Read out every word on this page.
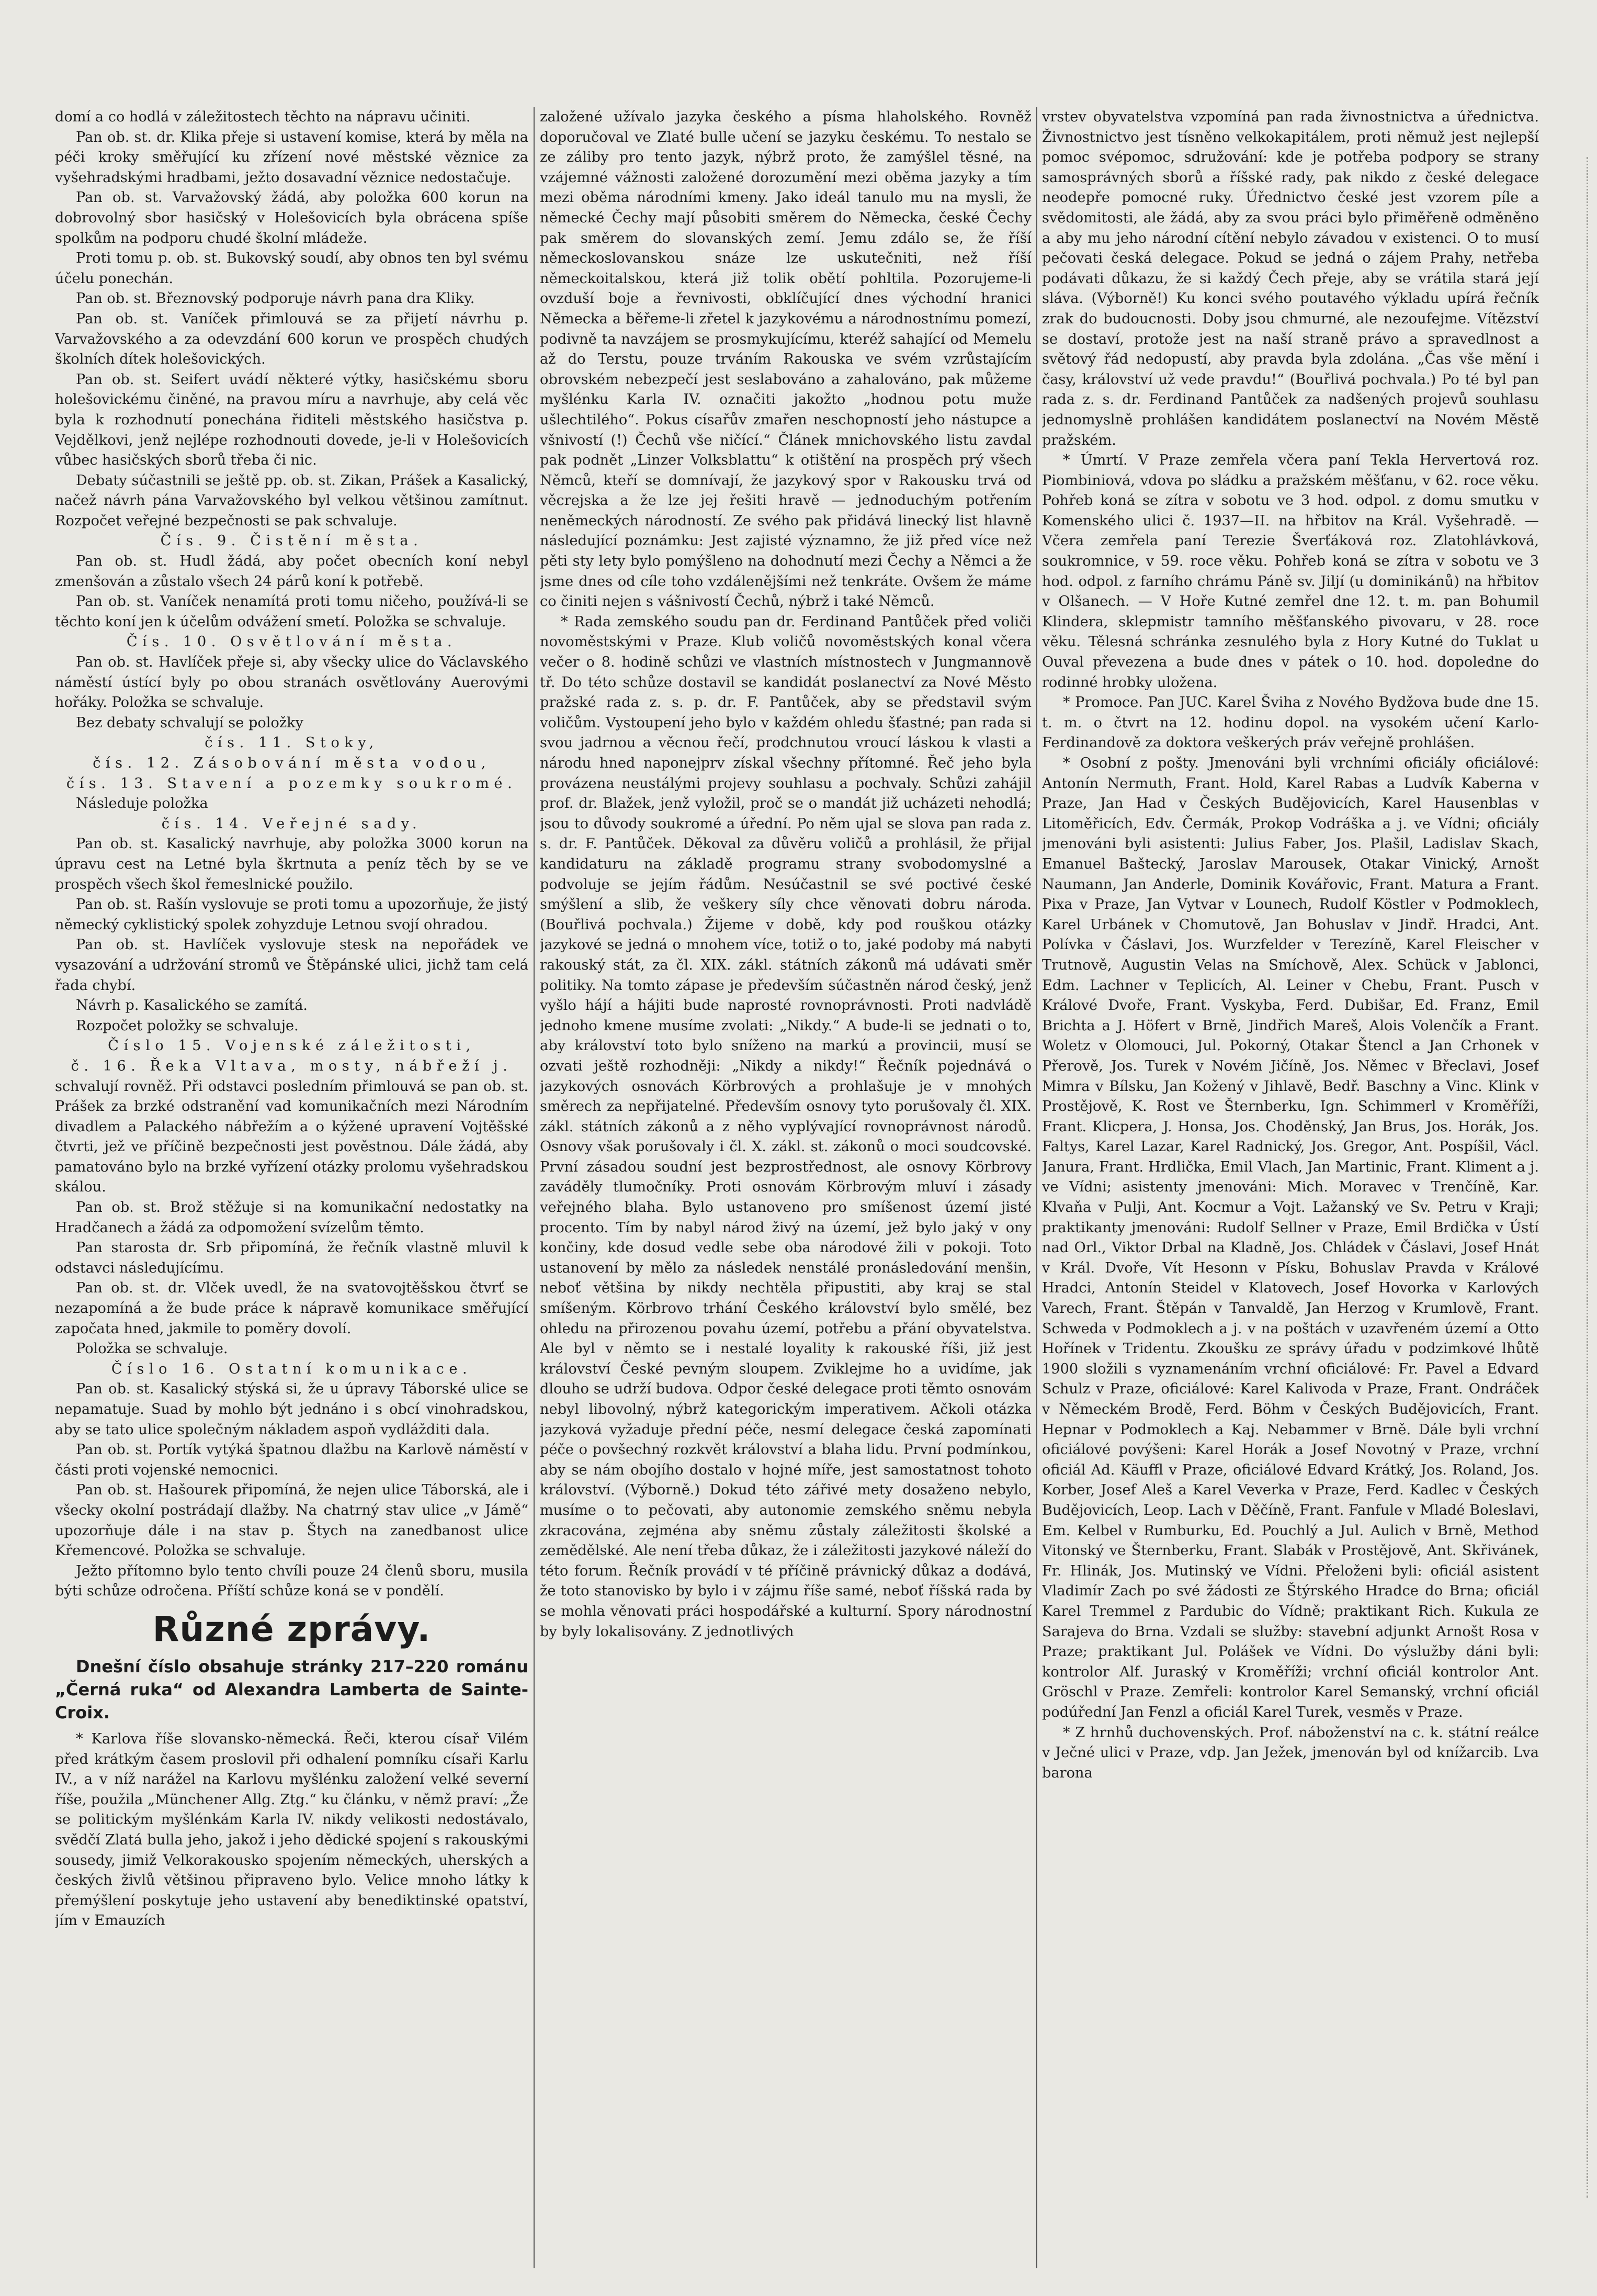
domí a co hodlá v záležitostech těchto na nápravu učiniti.

Pan ob. st. dr. Klika přeje si ustavení komise, která by měla na péči kroky směřující ku zřízení nové městské věznice za vyšehradskými hradbami, ježto dosavadní věznice nedostačuje.

Pan ob. st. Varvažovský žádá, aby položka 600 korun na dobrovolný sbor hasičský v Holešovicích byla obrácena spíše spolkům na podporu chudé školní mládeže.

Proti tomu p. ob. st. Bukovský soudí, aby obnos ten byl svému účelu ponechán.

Pan ob. st. Březnovský podporuje návrh pana dra Kliky.

Pan ob. st. Vaníček přimlouvá se za přijetí návrhu p. Varvažovského a za odevzdání 600 korun ve prospěch chudých školních dítek holešovických.

Pan ob. st. Seifert uvádí některé výtky, hasičskému sboru holešovickému činěné, na pravou míru a navrhuje, aby celá věc byla k rozhodnutí ponechána řiditeli městského hasičstva p. Vejdělkovi, jenž nejlépe rozhodnouti dovede, je-li v Holešovicích vůbec hasičských sborů třeba či nic.

Debaty súčastnili se ještě pp. ob. st. Zikan, Prášek a Kasalický, načež návrh pána Varvažovského byl velkou většinou zamítnut. Rozpočet veřejné bezpečnosti se pak schvaluje.

Čís. 9. Čistění města.

Pan ob. st. Hudl žádá, aby počet obecních koní nebyl zmenšován a zůstalo všech 24 párů koní k potřebě.

Pan ob. st. Vaníček nenamítá proti tomu ničeho, používá-li se těchto koní jen k účelům odvážení smetí. Položka se schvaluje.

Čís. 10. Osvětlování města.

Pan ob. st. Havlíček přeje si, aby všecky ulice do Václavského náměstí ústící byly po obou stranách osvětlovány Auerovými hořáky. Položka se schvaluje.

Bez debaty schvalují se položky

čís. 11. Stoky,

čís. 12. Zásobování města vodou,

čís. 13. Stavení a pozemky soukromé.

Následuje položka

čís. 14. Veřejné sady.

Pan ob. st. Kasalický navrhuje, aby položka 3000 korun na úpravu cest na Letné byla škrtnuta a peníz těch by se ve prospěch všech škol řemeslnické použilo.

Pan ob. st. Rašín vyslovuje se proti tomu a upozorňuje, že jistý německý cyklistický spolek zohyzduje Letnou svojí ohradou.

Pan ob. st. Havlíček vyslovuje stesk na nepořádek ve vysazování a udržování stromů ve Štěpánské ulici, jichž tam celá řada chybí.

Návrh p. Kasalického se zamítá.

Rozpočet položky se schvaluje.

Číslo 15. Vojenské záležitosti,

č. 16. Řeka Vltava, mosty, nábřeží j.

schvalují rovněž. Při odstavci posledním přimlouvá se pan ob. st. Prášek za brzké odstranění vad komunikačních mezi Národním divadlem a Palackého nábřežím a o kýžené upravení Vojtěšské čtvrti, jež ve příčině bezpečnosti jest pověstnou. Dále žádá, aby pamatováno bylo na brzké vyřízení otázky prolomu vyšehradskou skálou.

Pan ob. st. Brož stěžuje si na komunikační nedostatky na Hradčanech a žádá za odpomožení svízelům těmto.

Pan starosta dr. Srb připomíná, že řečník vlastně mluvil k odstavci následujícímu.

Pan ob. st. dr. Vlček uvedl, že na svatovojtěšskou čtvrť se nezapomíná a že bude práce k nápravě komunikace směřující započata hned, jakmile to poměry dovolí.

Položka se schvaluje.

Číslo 16. Ostatní komunikace.

Pan ob. st. Kasalický stýská si, že u úpravy Táborské ulice se nepamatuje. Suad by mohlo být jednáno i s obcí vinohradskou, aby se tato ulice společným nákladem aspoň vydlážditi dala.

Pan ob. st. Portík vytýká špatnou dlažbu na Karlově náměstí v části proti vojenské nemocnici.

Pan ob. st. Hašourek připomíná, že nejen ulice Táborská, ale i všecky okolní postrádají dlažby. Na chatrný stav ulice „v Jámě“ upozorňuje dále i na stav p. Štych na zanedbanost ulice Křemencové. Položka se schvaluje.

Ježto přítomno bylo tento chvíli pouze 24 členů sboru, musila býti schůze odročena. Příští schůze koná se v pondělí.

Různé zprávy.

Dnešní číslo obsahuje stránky 217–220 románu „Černá ruka“ od Alexandra Lamberta de Sainte-Croix.

* Karlova říše slovansko-německá. Řeči, kterou císař Vilém před krátkým časem proslovil při odhalení pomníku císaři Karlu IV., a v níž narážel na Karlovu myšlénku založení velké severní říše, použila „Münchener Allg. Ztg.“ ku článku, v němž praví: „Že se politickým myšlénkám Karla IV. nikdy velikosti nedostávalo, svědčí Zlatá bulla jeho, jakož i jeho dědické spojení s rakouskými sousedy, jimiž Velkorakousko spojením německých, uherských a českých živlů většinou připraveno bylo. Velice mnoho látky k přemýšlení poskytuje jeho ustavení aby benediktinské opatství, jím v Emauzích

založené užívalo jazyka českého a písma hlaholského. Rovněž doporučoval ve Zlaté bulle učení se jazyku českému. To nestalo se ze záliby pro tento jazyk, nýbrž proto, že zamýšlel těsné, na vzájemné vážnosti založené dorozumění mezi oběma jazyky a tím mezi oběma národními kmeny. Jako ideál tanulo mu na mysli, že německé Čechy mají působiti směrem do Německa, české Čechy pak směrem do slovanských zemí. Jemu zdálo se, že říší německoslovanskou snáze lze uskutečniti, než říší německoitalskou, která již tolik obětí pohltila. Pozorujeme-li ovzduší boje a řevnivosti, obklíčující dnes východní hranici Německa a běřeme-li zřetel k jazykovému a národnostnímu pomezí, podivně ta navzájem se prosmykujícímu, kteréž sahající od Memelu až do Terstu, pouze trváním Rakouska ve svém vzrůstajícím obrovském nebezpečí jest seslabováno a zahalováno, pak můžeme myšlénku Karla IV. označiti jakožto „hodnou potu muže ušlechtilého“. Pokus císařův zmařen neschopností jeho nástupce a všnivostí (!) Čechů vše ničící.“ Článek mnichovského listu zavdal pak podnět „Linzer Volksblattu“ k otištění na prospěch prý všech Němců, kteří se domnívají, že jazykový spor v Rakousku trvá od věcrejska a že lze jej řešiti hravě — jednoduchým potřením neněmeckých národností. Ze svého pak přidává linecký list hlavně následující poznámku: Jest zajisté významno, že již před více než pěti sty lety bylo pomýšleno na dohodnutí mezi Čechy a Němci a že jsme dnes od cíle toho vzdálenějšími než tenkráte. Ovšem že máme co činiti nejen s vášnivostí Čechů, nýbrž i také Němců.

* Rada zemského soudu pan dr. Ferdinand Pantůček před voliči novoměstskými v Praze. Klub voličů novoměstských konal včera večer o 8. hodině schůzi ve vlastních místnostech v Jungmannově tř. Do této schůze dostavil se kandidát poslanectví za Nové Město pražské rada z. s. p. dr. F. Pantůček, aby se představil svým voličům. Vystoupení jeho bylo v každém ohledu šťastné; pan rada si svou jadrnou a věcnou řečí, prodchnutou vroucí láskou k vlasti a národu hned naponejprv získal všechny přítomné. Řeč jeho byla provázena neustálými projevy souhlasu a pochvaly. Schůzi zahájil prof. dr. Blažek, jenž vyložil, proč se o mandát již ucházeti nehodlá; jsou to důvody soukromé a úřední. Po něm ujal se slova pan rada z. s. dr. F. Pantůček. Děkoval za důvěru voličů a prohlásil, že přijal kandidaturu na základě programu strany svobodomyslné a podvoluje se jejím řádům. Nesúčastnil se své poctivé české smýšlení a slib, že veškery síly chce věnovati dobru národa. (Bouřlivá pochvala.) Žijeme v době, kdy pod rouškou otázky jazykové se jedná o mnohem více, totiž o to, jaké podoby má nabyti rakouský stát, za čl. XIX. zákl. státních zákonů má udávati směr politiky. Na tomto zápase je především súčastněn národ český, jenž vyšlo hájí a hájiti bude naprosté rovnoprávnosti. Proti nadvládě jednoho kmene musíme zvolati: „Nikdy.“ A bude-li se jednati o to, aby království toto bylo sníženo na markú a provincii, musí se ozvati ještě rozhodněji: „Nikdy a nikdy!“ Řečník pojednává o jazykových osnovách Körbrových a prohlašuje je v mnohých směrech za nepřijatelné. Především osnovy tyto porušovaly čl. XIX. zákl. státních zákonů a z něho vyplývající rovnoprávnost národů. Osnovy však porušovaly i čl. X. zákl. st. zákonů o moci soudcovské. První zásadou soudní jest bezprostřednost, ale osnovy Körbrovy zaváděly tlumočníky. Proti osnovám Körbrovým mluví i zásady veřejného blaha. Bylo ustanoveno pro smíšenost území jisté procento. Tím by nabyl národ živý na území, jež bylo jaký v ony končiny, kde dosud vedle sebe oba národové žili v pokoji. Toto ustanovení by mělo za následek nenstálé pronásledování menšin, neboť většina by nikdy nechtěla připustiti, aby kraj se stal smíšeným. Körbrovo trhání Českého království bylo smělé, bez ohledu na přirozenou povahu území, potřebu a přání obyvatelstva. Ale byl v němto se i nestalé loyality k rakouské říši, již jest království České pevným sloupem. Zviklejme ho a uvidíme, jak dlouho se udrží budova. Odpor české delegace proti těmto osnovám nebyl libovolný, nýbrž kategorickým imperativem. Ačkoli otázka jazyková vyžaduje přední péče, nesmí delegace česká zapomínati péče o povšechný rozkvět království a blaha lidu. První podmínkou, aby se nám obojího dostalo v hojné míře, jest samostatnost tohoto království. (Výborně.) Dokud této zářivé mety dosaženo nebylo, musíme o to pečovati, aby autonomie zemského sněmu nebyla zkracována, zejména aby sněmu zůstaly záležitosti školské a zemědělské. Ale není třeba důkaz, že i záležitosti jazykové náleží do této forum. Řečník provádí v té příčině právnický důkaz a dodává, že toto stanovisko by bylo i v zájmu říše samé, neboť říšská rada by se mohla věnovati práci hospodářské a kulturní. Spory národnostní by byly lokalisovány. Z jednotlivých

vrstev obyvatelstva vzpomíná pan rada živnostnictva a úřednictva. Živnostnictvo jest tísněno velkokapitálem, proti němuž jest nejlepší pomoc svépomoc, sdružování: kde je potřeba podpory se strany samosprávných sborů a říšské rady, pak nikdo z české delegace neodepře pomocné ruky. Úřednictvo české jest vzorem píle a svědomitosti, ale žádá, aby za svou práci bylo přiměřeně odměněno a aby mu jeho národní cítění nebylo závadou v existenci. O to musí pečovati česká delegace. Pokud se jedná o zájem Prahy, netřeba podávati důkazu, že si každý Čech přeje, aby se vrátila stará její sláva. (Výborně!) Ku konci svého poutavého výkladu upírá řečník zrak do budoucnosti. Doby jsou chmurné, ale nezoufejme. Vítězství se dostaví, protože jest na naší straně právo a spravedlnost a světový řád nedopustí, aby pravda byla zdolána. „Čas vše mění i časy, království už vede pravdu!“ (Bouřlivá pochvala.) Po té byl pan rada z. s. dr. Ferdinand Pantůček za nadšených projevů souhlasu jednomyslně prohlášen kandidátem poslanectví na Novém Městě pražském.

* Úmrtí. V Praze zemřela včera paní Tekla Hervertová roz. Piombiniová, vdova po sládku a pražském měšťanu, v 62. roce věku. Pohřeb koná se zítra v sobotu ve 3 hod. odpol. z domu smutku v Komenského ulici č. 1937—II. na hřbitov na Král. Vyšehradě. — Včera zemřela paní Terezie Šverťáková roz. Zlatohlávková, soukromnice, v 59. roce věku. Pohřeb koná se zítra v sobotu ve 3 hod. odpol. z farního chrámu Páně sv. Jiljí (u dominikánů) na hřbitov v Olšanech. — V Hoře Kutné zemřel dne 12. t. m. pan Bohumil Klindera, sklepmistr tamního měšťanského pivovaru, v 28. roce věku. Tělesná schránka zesnulého byla z Hory Kutné do Tuklat u Ouval převezena a bude dnes v pátek o 10. hod. dopoledne do rodinné hrobky uložena.

* Promoce. Pan JUC. Karel Šviha z Nového Bydžova bude dne 15. t. m. o čtvrt na 12. hodinu dopol. na vysokém učení Karlo-Ferdinandově za doktora veškerých práv veřejně prohlášen.

* Osobní z pošty. Jmenováni byli vrchními oficiály oficiálové: Antonín Nermuth, Frant. Hold, Karel Rabas a Ludvík Kaberna v Praze, Jan Had v Českých Budějovicích, Karel Hausenblas v Litoměřicích, Edv. Čermák, Prokop Vodráška a j. ve Vídni; oficiály jmenováni byli asistenti: Julius Faber, Jos. Plašil, Ladislav Skach, Emanuel Baštecký, Jaroslav Marousek, Otakar Vinický, Arnošt Naumann, Jan Anderle, Dominik Kovářovic, Frant. Matura a Frant. Pixa v Praze, Jan Vytvar v Lounech, Rudolf Köstler v Podmoklech, Karel Urbánek v Chomutově, Jan Bohuslav v Jindř. Hradci, Ant. Polívka v Čáslavi, Jos. Wurzfelder v Terezíně, Karel Fleischer v Trutnově, Augustin Velas na Smíchově, Alex. Schück v Jablonci, Edm. Lachner v Teplicích, Al. Leiner v Chebu, Frant. Pusch v Králové Dvoře, Frant. Vyskyba, Ferd. Dubišar, Ed. Franz, Emil Brichta a J. Höfert v Brně, Jindřich Mareš, Alois Volenčík a Frant. Woletz v Olomouci, Jul. Pokorný, Otakar Štencl a Jan Crhonek v Přerově, Jos. Turek v Novém Jičíně, Jos. Němec v Břeclavi, Josef Mimra v Bílsku, Jan Kožený v Jihlavě, Bedř. Baschny a Vinc. Klink v Prostějově, K. Rost ve Šternberku, Ign. Schimmerl v Kroměříži, Frant. Klicpera, J. Honsa, Jos. Choděnský, Jan Brus, Jos. Horák, Jos. Faltys, Karel Lazar, Karel Radnický, Jos. Gregor, Ant. Pospíšil, Václ. Janura, Frant. Hrdlička, Emil Vlach, Jan Martinic, Frant. Kliment a j. ve Vídni; asistenty jmenováni: Mich. Moravec v Trenčíně, Kar. Klvaňa v Pulji, Ant. Kocmur a Vojt. Lažanský ve Sv. Petru v Kraji; praktikanty jmenováni: Rudolf Sellner v Praze, Emil Brdička v Ústí nad Orl., Viktor Drbal na Kladně, Jos. Chládek v Čáslavi, Josef Hnát v Král. Dvoře, Vít Hesonn v Písku, Bohuslav Pravda v Králové Hradci, Antonín Steidel v Klatovech, Josef Hovorka v Karlových Varech, Frant. Štěpán v Tanvaldě, Jan Herzog v Krumlově, Frant. Schweda v Podmoklech a j. v na poštách v uzavřeném území a Otto Hořínek v Tridentu. Zkoušku ze správy úřadu v podzimkové lhůtě 1900 složili s vyznamenáním vrchní oficiálové: Fr. Pavel a Edvard Schulz v Praze, oficiálové: Karel Kalivoda v Praze, Frant. Ondráček v Německém Brodě, Ferd. Böhm v Českých Budějovicích, Frant. Hepnar v Podmoklech a Kaj. Nebammer v Brně. Dále byli vrchní oficiálové povýšeni: Karel Horák a Josef Novotný v Praze, vrchní oficiál Ad. Käuffl v Praze, oficiálové Edvard Krátký, Jos. Roland, Jos. Korber, Josef Aleš a Karel Veverka v Praze, Ferd. Kadlec v Českých Budějovicích, Leop. Lach v Děčíně, Frant. Fanfule v Mladé Boleslavi, Em. Kelbel v Rumburku, Ed. Pouchlý a Jul. Aulich v Brně, Method Vitonský ve Šternberku, Frant. Slabák v Prostějově, Ant. Skřivánek, Fr. Hlinák, Jos. Mutinský ve Vídni. Přeloženi byli: oficiál asistent Vladimír Zach po své žádosti ze Štýrského Hradce do Brna; oficiál Karel Tremmel z Pardubic do Vídně; praktikant Rich. Kukula ze Sarajeva do Brna. Vzdali se služby: stavební adjunkt Arnošt Rosa v Praze; praktikant Jul. Polášek ve Vídni. Do výslužby dáni byli: kontrolor Alf. Juraský v Kroměříži; vrchní oficiál kontrolor Ant. Gröschl v Praze. Zemřeli: kontrolor Karel Semanský, vrchní oficiál podúřední Jan Fenzl a oficiál Karel Turek, vesměs v Praze.

* Z hrnhů duchovenských. Prof. náboženství na c. k. státní reálce v Ječné ulici v Praze, vdp. Jan Ježek, jmenován byl od knížarcib. Lva barona
